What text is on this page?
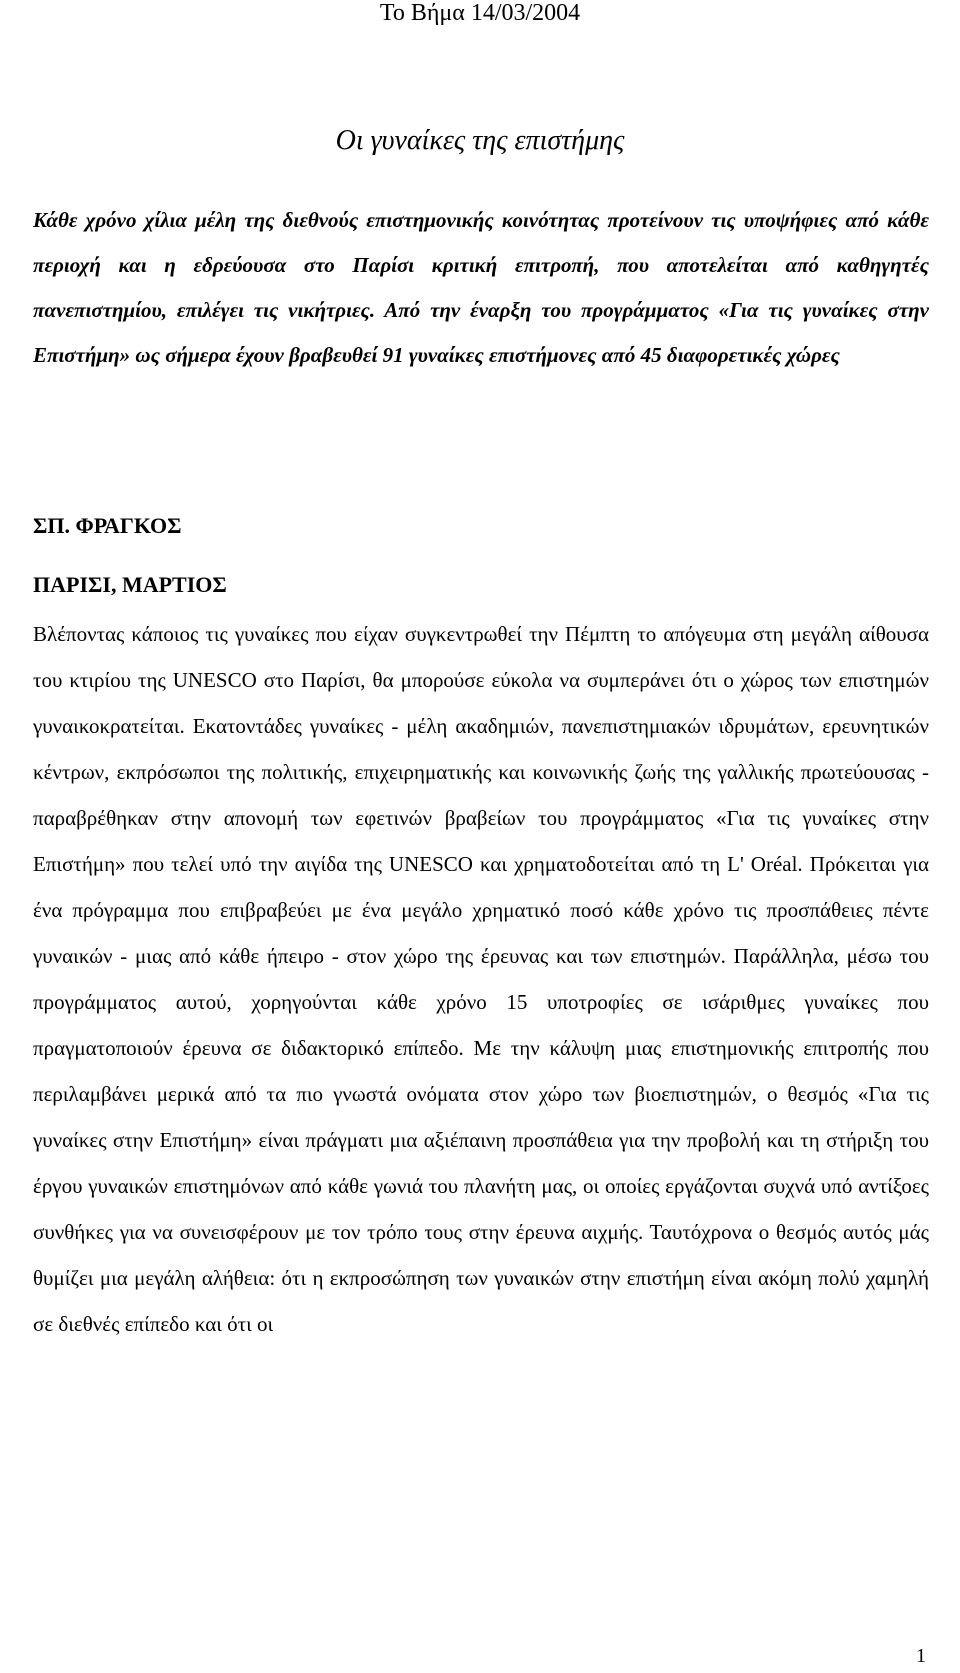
Το Βήμα 14/03/2004
Οι γυναίκες της επιστήμης

Κάθε χρόνο χίλια μέλη της διεθνούς επιστημονικής κοινότητας προτείνουν τις υποψήφιες από κάθε περιοχή και η εδρεύουσα στο Παρίσι κριτική επιτροπή, που αποτελείται από καθηγητές πανεπιστημίου, επιλέγει τις νικήτριες. Από την έναρξη του προγράμματος «Για τις γυναίκες στην Επιστήμη» ως σήμερα έχουν βραβευθεί 91 γυναίκες επιστήμονες από 45 διαφορετικές χώρες

ΣΠ. ΦΡΑΓΚΟΣ
ΠΑΡΙΣΙ, ΜΑΡΤΙΟΣ

Βλέποντας κάποιος τις γυναίκες που είχαν συγκεντρωθεί την Πέμπτη το απόγευμα στη μεγάλη αίθουσα του κτιρίου της UNESCO στο Παρίσι, θα μπορούσε εύκολα να συμπεράνει ότι ο χώρος των επιστημών γυναικοκρατείται. Εκατοντάδες γυναίκες - μέλη ακαδημιών, πανεπιστημιακών ιδρυμάτων, ερευνητικών κέντρων, εκπρόσωποι της πολιτικής, επιχειρηματικής και κοινωνικής ζωής της γαλλικής πρωτεύουσας - παραβρέθηκαν στην απονομή των εφετινών βραβείων του προγράμματος «Για τις γυναίκες στην Επιστήμη» που τελεί υπό την αιγίδα της UNESCO και χρηματοδοτείται από τη L' Oréal. Πρόκειται για ένα πρόγραμμα που επιβραβεύει με ένα μεγάλο χρηματικό ποσό κάθε χρόνο τις προσπάθειες πέντε γυναικών - μιας από κάθε ήπειρο - στον χώρο της έρευνας και των επιστημών. Παράλληλα, μέσω του προγράμματος αυτού, χορηγούνται κάθε χρόνο 15 υποτροφίες σε ισάριθμες γυναίκες που πραγματοποιούν έρευνα σε διδακτορικό επίπεδο. Με την κάλυψη μιας επιστημονικής επιτροπής που περιλαμβάνει μερικά από τα πιο γνωστά ονόματα στον χώρο των βιοεπιστημών, ο θεσμός «Για τις γυναίκες στην Επιστήμη» είναι πράγματι μια αξιέπαινη προσπάθεια για την προβολή και τη στήριξη του έργου γυναικών επιστημόνων από κάθε γωνιά του πλανήτη μας, οι οποίες εργάζονται συχνά υπό αντίξοες συνθήκες για να συνεισφέρουν με τον τρόπο τους στην έρευνα αιχμής. Ταυτόχρονα ο θεσμός αυτός μάς θυμίζει μια μεγάλη αλήθεια: ότι η εκπροσώπηση των γυναικών στην επιστήμη είναι ακόμη πολύ χαμηλή σε διεθνές επίπεδο και ότι οι

1
